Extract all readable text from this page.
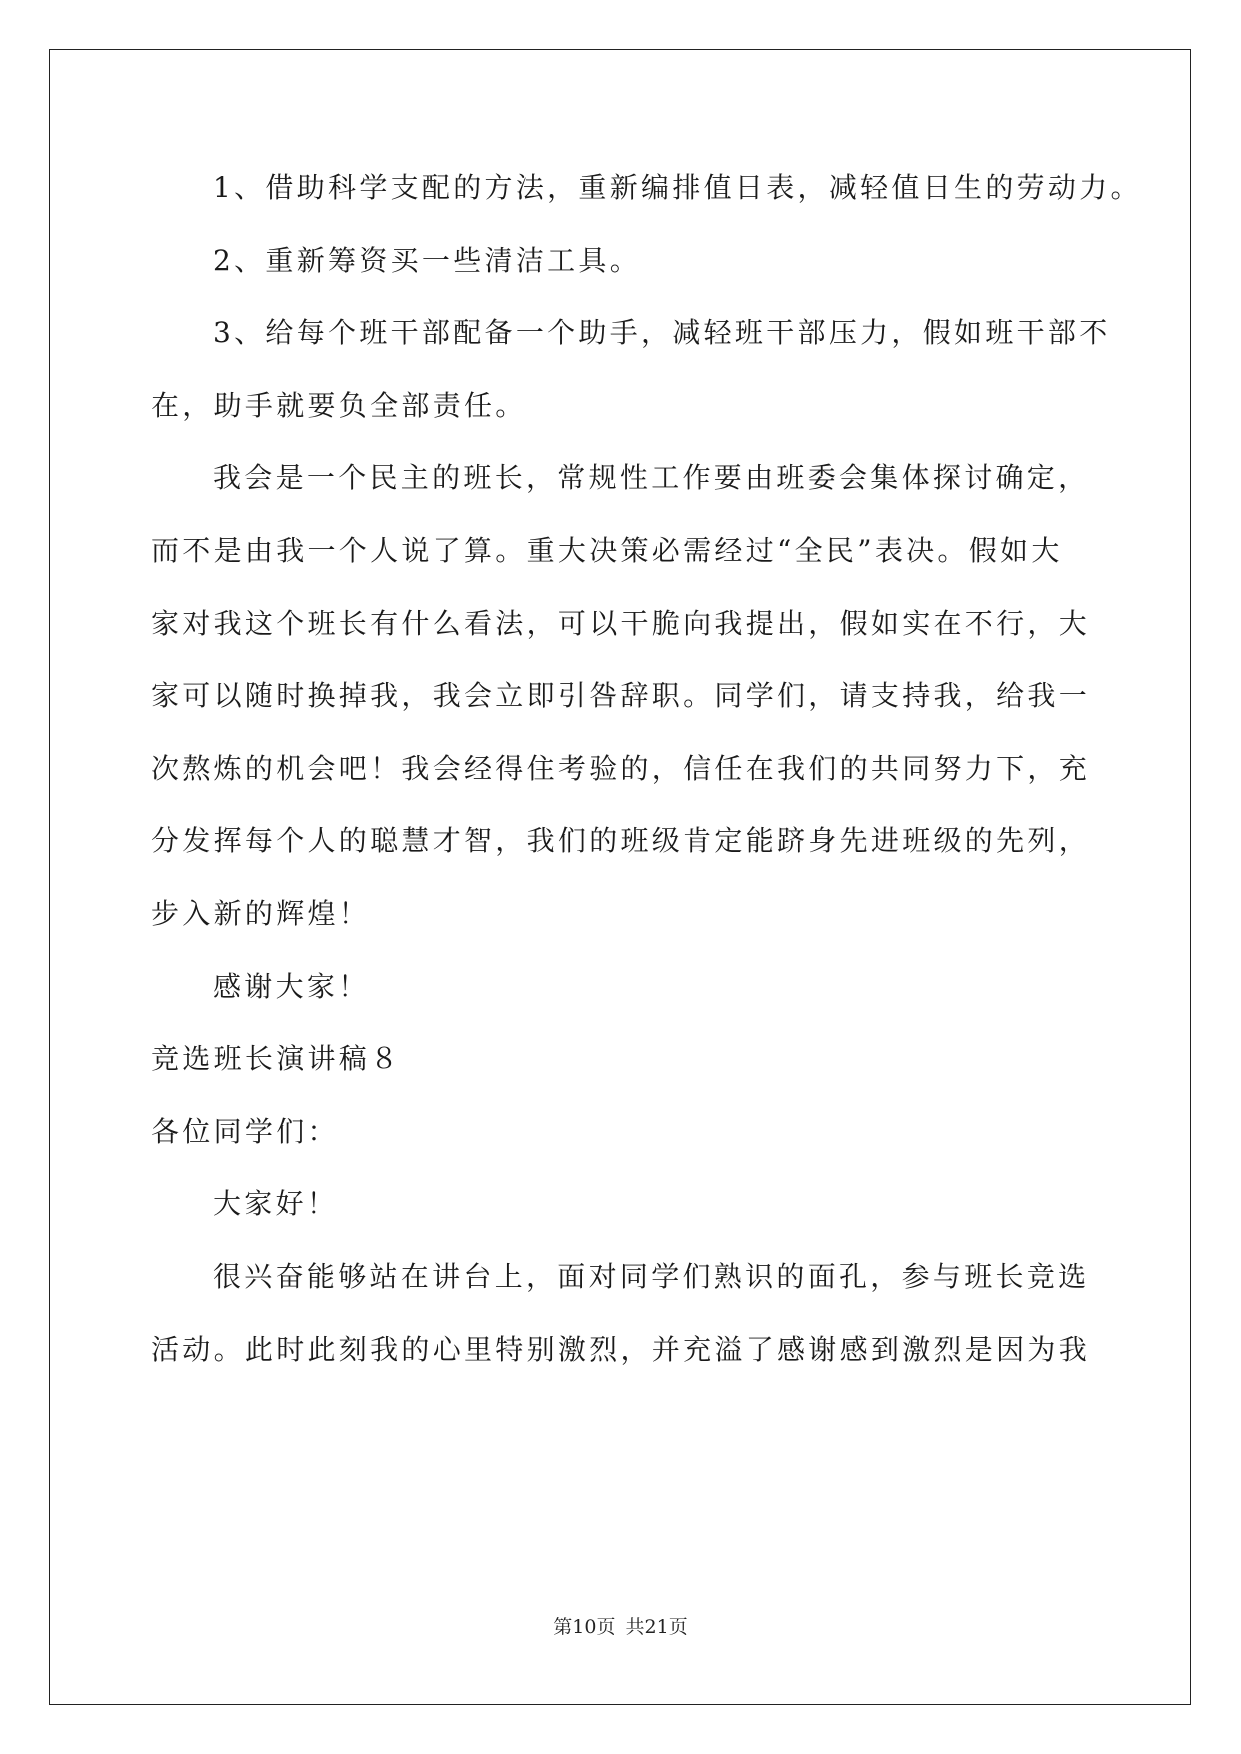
1、借助科学支配的方法，重新编排值日表，减轻值日生的劳动力。
2、重新筹资买一些清洁工具。
3、给每个班干部配备一个助手，减轻班干部压力，假如班干部不
在，助手就要负全部责任。
我会是一个民主的班长，常规性工作要由班委会集体探讨确定，
而不是由我一个人说了算。重大决策必需经过“全民”表决。假如大
家对我这个班长有什么看法，可以干脆向我提出，假如实在不行，大
家可以随时换掉我，我会立即引咎辞职。同学们，请支持我，给我一
次熬炼的机会吧！我会经得住考验的，信任在我们的共同努力下，充
分发挥每个人的聪慧才智，我们的班级肯定能跻身先进班级的先列，
步入新的辉煌！
感谢大家！
竞选班长演讲稿８
各位同学们：
大家好！
很兴奋能够站在讲台上，面对同学们熟识的面孔，参与班长竞选
活动。此时此刻我的心里特别激烈，并充溢了感谢感到激烈是因为我
第10页 共21页
